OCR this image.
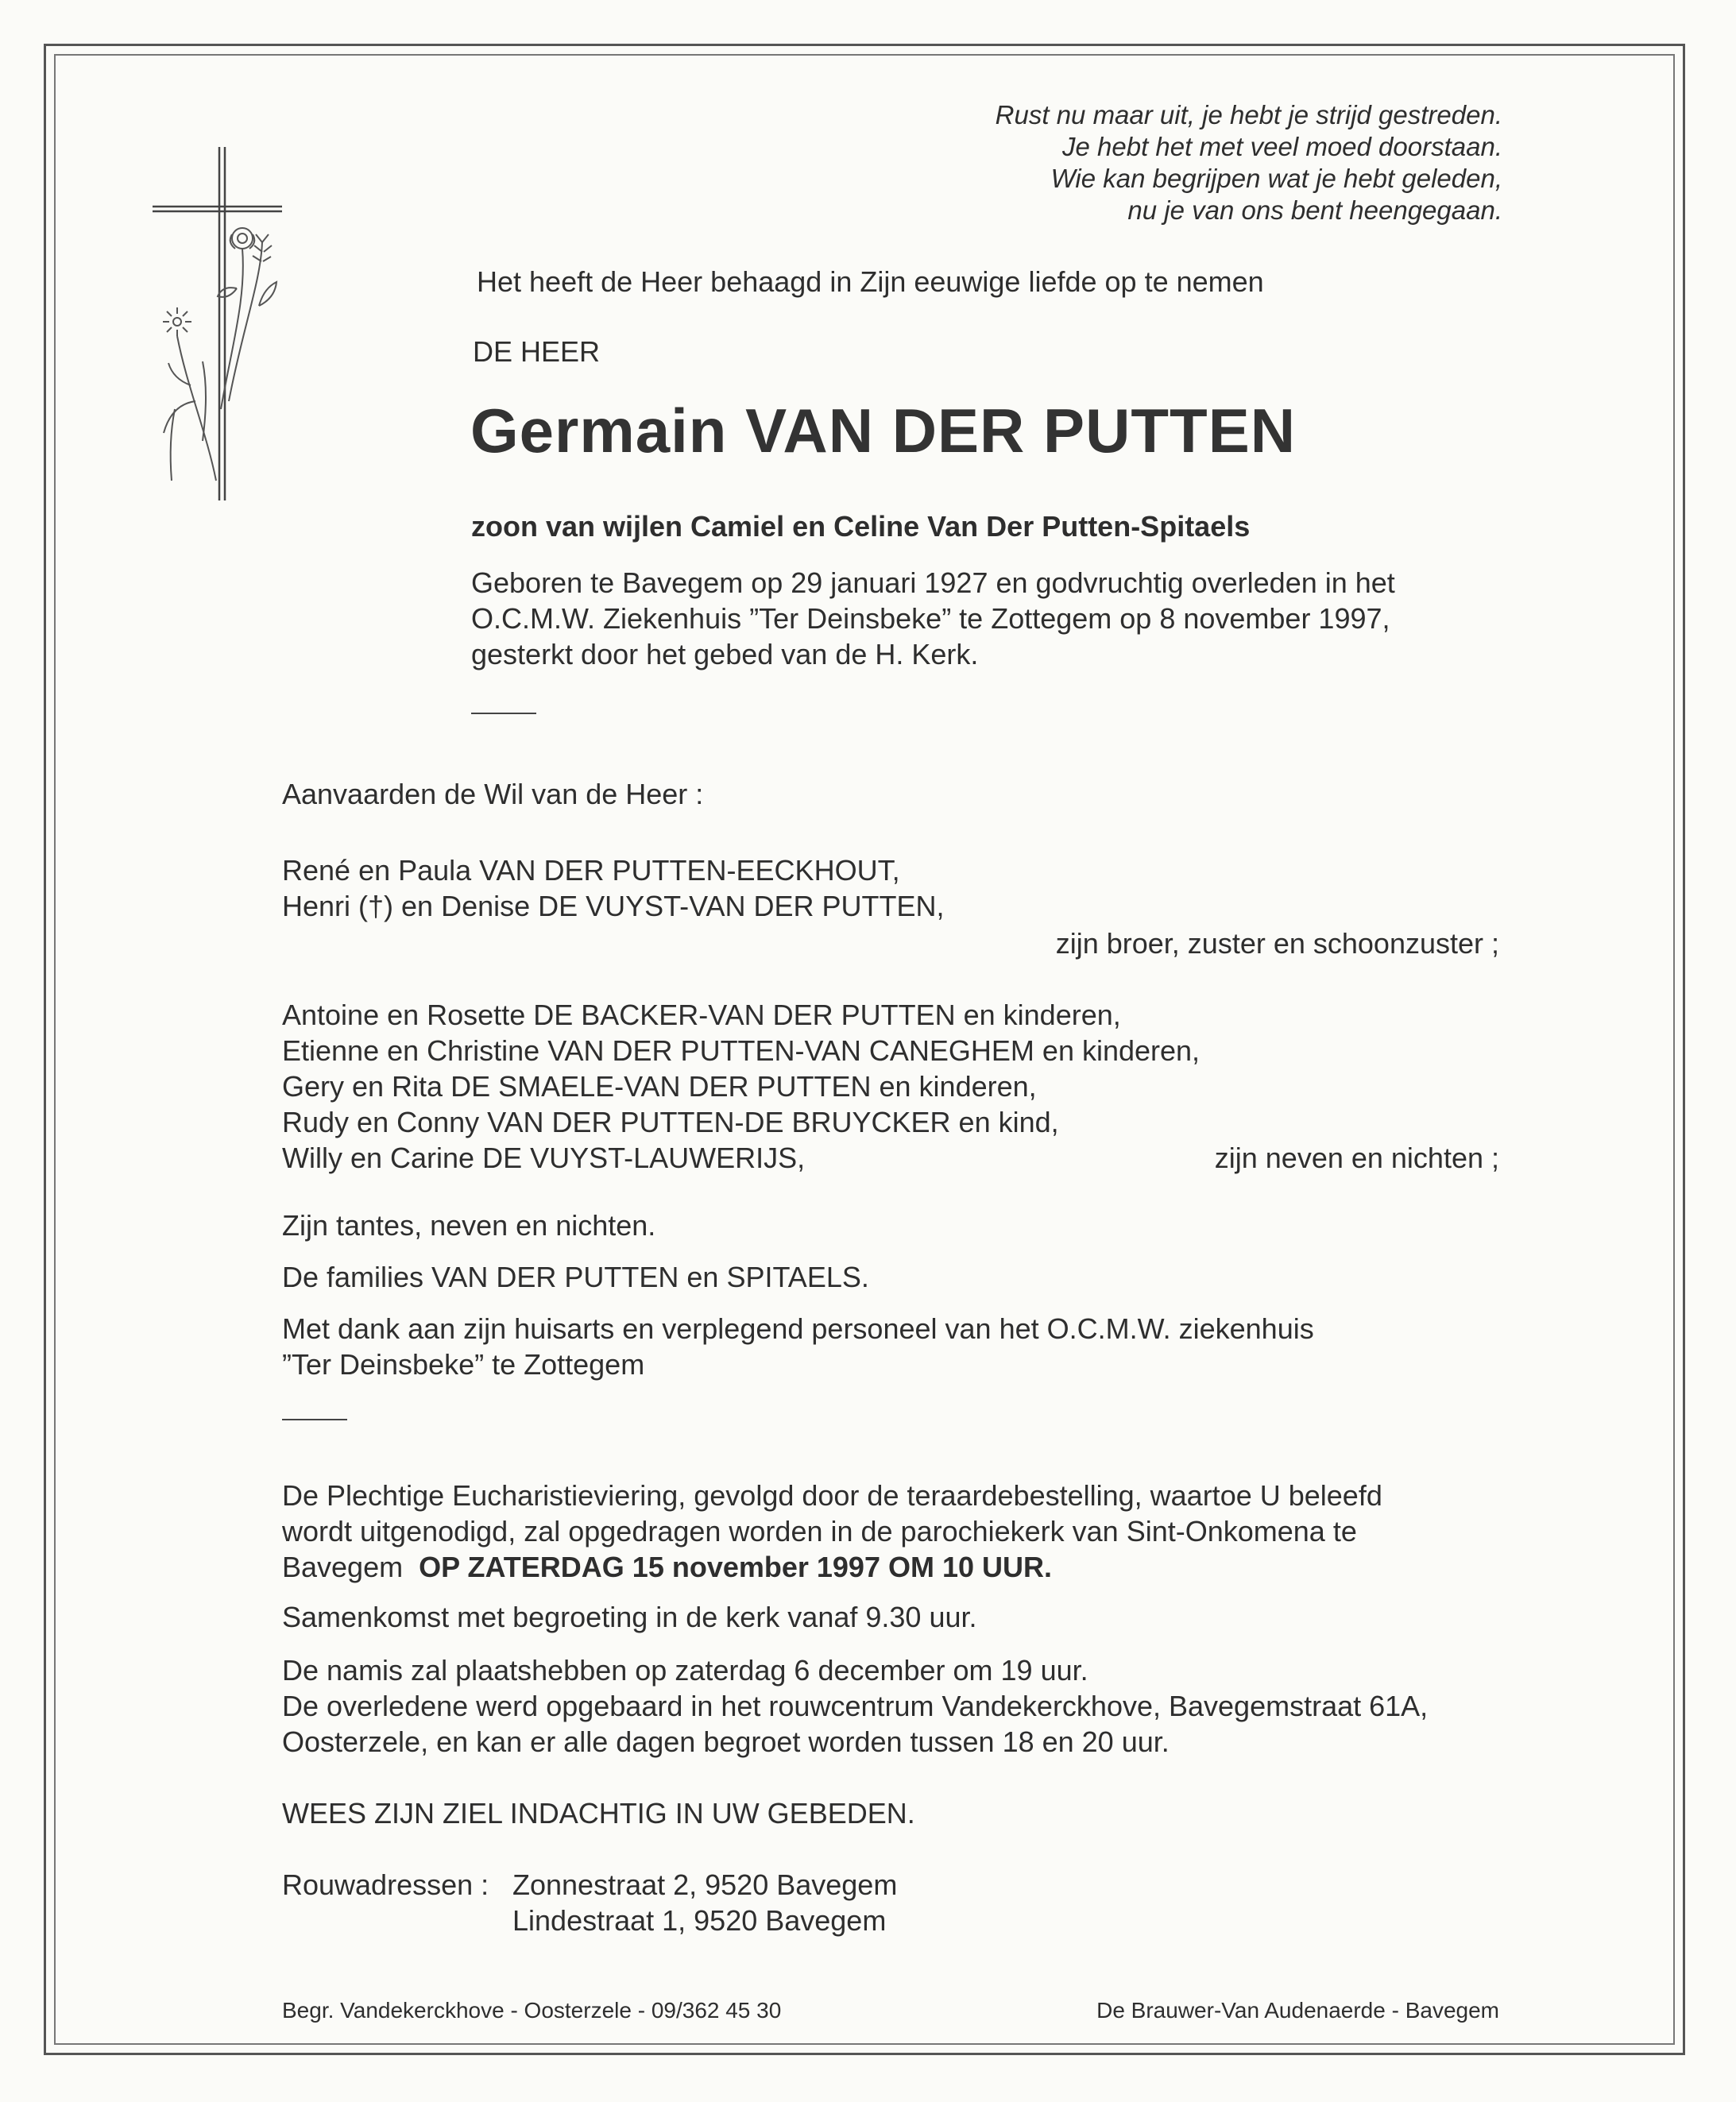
Rust nu maar uit, je hebt je strijd gestreden.
Je hebt het met veel moed doorstaan.
Wie kan begrijpen wat je hebt geleden,
nu je van ons bent heengegaan.
Het heeft de Heer behaagd in Zijn eeuwige liefde op te nemen
DE HEER
Germain VAN DER PUTTEN
zoon van wijlen Camiel en Celine Van Der Putten-Spitaels
Geboren te Bavegem op 29 januari 1927 en godvruchtig overleden in het
O.C.M.W. Ziekenhuis ”Ter Deinsbeke” te Zottegem op 8 november 1997,
gesterkt door het gebed van de H. Kerk.
Aanvaarden de Wil van de Heer :
René en Paula VAN DER PUTTEN-EECKHOUT,
Henri (†) en Denise DE VUYST-VAN DER PUTTEN,
zijn broer, zuster en schoonzuster ;
Antoine en Rosette DE BACKER-VAN DER PUTTEN en kinderen,
Etienne en Christine VAN DER PUTTEN-VAN CANEGHEM en kinderen,
Gery en Rita DE SMAELE-VAN DER PUTTEN en kinderen,
Rudy en Conny VAN DER PUTTEN-DE BRUYCKER en kind,
Willy en Carine DE VUYST-LAUWERIJS,	zijn neven en nichten ;
Zijn tantes, neven en nichten.
De families VAN DER PUTTEN en SPITAELS.
Met dank aan zijn huisarts en verplegend personeel van het O.C.M.W. ziekenhuis
”Ter Deinsbeke” te Zottegem
De Plechtige Eucharistieviering, gevolgd door de teraardebestelling, waartoe U beleefd
wordt uitgenodigd, zal opgedragen worden in de parochiekerk van Sint-Onkomena te
Bavegem OP ZATERDAG 15 november 1997 OM 10 UUR.
Samenkomst met begroeting in de kerk vanaf 9.30 uur.
De namis zal plaatshebben op zaterdag 6 december om 19 uur.
De overledene werd opgebaard in het rouwcentrum Vandekerckhove, Bavegemstraat 61A,
Oosterzele, en kan er alle dagen begroet worden tussen 18 en 20 uur.
WEES ZIJN ZIEL INDACHTIG IN UW GEBEDEN.
Rouwadressen : Zonnestraat 2, 9520 Bavegem
Lindestraat 1, 9520 Bavegem
Begr. Vandekerckhove - Oosterzele - 09/362 45 30	De Brauwer-Van Audenaerde - Bavegem
